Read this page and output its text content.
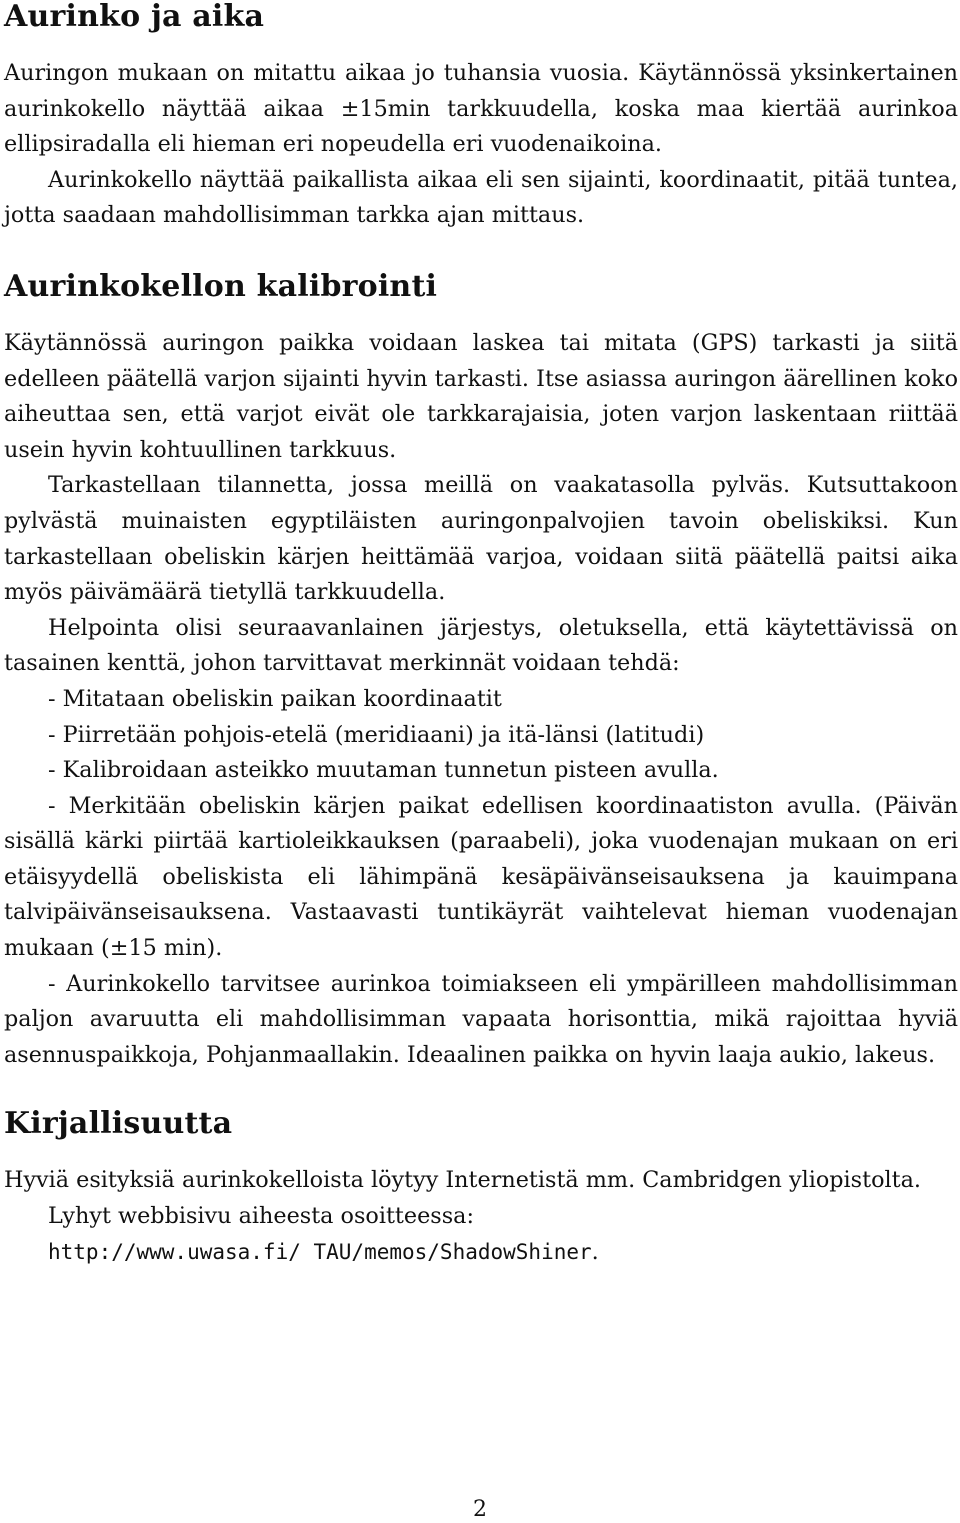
Aurinko ja aika

Auringon mukaan on mitattu aikaa jo tuhansia vuosia. Käytännössä yksinkertainen aurinkokello näyttää aikaa ±15min tarkkuudella, koska maa kiertää aurinkoa ellipsiradalla eli hieman eri nopeudella eri vuodenaikoina.

Aurinkokello näyttää paikallista aikaa eli sen sijainti, koordinaatit, pitää tuntea, jotta saadaan mahdollisimman tarkka ajan mittaus.

Aurinkokellon kalibrointi

Käytännössä auringon paikka voidaan laskea tai mitata (GPS) tarkasti ja siitä edelleen päätellä varjon sijainti hyvin tarkasti. Itse asiassa auringon äärellinen koko aiheuttaa sen, että varjot eivät ole tarkkarajaisia, joten varjon laskentaan riittää usein hyvin kohtuullinen tarkkuus.

Tarkastellaan tilannetta, jossa meillä on vaakatasolla pylväs. Kutsuttakoon pylvästä muinaisten egyptiläisten auringonpalvojien tavoin obeliskiksi. Kun tarkastellaan obeliskin kärjen heittämää varjoa, voidaan siitä päätellä paitsi aika myös päivämäärä tietyllä tarkkuudella.

Helpointa olisi seuraavanlainen järjestys, oletuksella, että käytettävissä on tasainen kenttä, johon tarvittavat merkinnät voidaan tehdä:

- Mitataan obeliskin paikan koordinaatit

- Piirretään pohjois-etelä (meridiaani) ja itä-länsi (latitudi)

- Kalibroidaan asteikko muutaman tunnetun pisteen avulla.

- Merkitään obeliskin kärjen paikat edellisen koordinaatiston avulla. (Päivän sisällä kärki piirtää kartioleikkauksen (paraabeli), joka vuodenajan mukaan on eri etäisyydellä obeliskista eli lähimpänä kesäpäivänseisauksena ja kauimpana talvipäivänseisauksena. Vastaavasti tuntikäyrät vaihtelevat hieman vuodenajan mukaan (±15 min).

- Aurinkokello tarvitsee aurinkoa toimiakseen eli ympärilleen mahdollisimman paljon avaruutta eli mahdollisimman vapaata horisonttia, mikä rajoittaa hyviä asennuspaikkoja, Pohjanmaallakin. Ideaalinen paikka on hyvin laaja aukio, lakeus.

Kirjallisuutta

Hyviä esityksiä aurinkokelloista löytyy Internetistä mm. Cambridgen yliopistolta.

Lyhyt webbisivu aiheesta osoitteessa:

http://www.uwasa.fi/ TAU/memos/ShadowShiner.

2
